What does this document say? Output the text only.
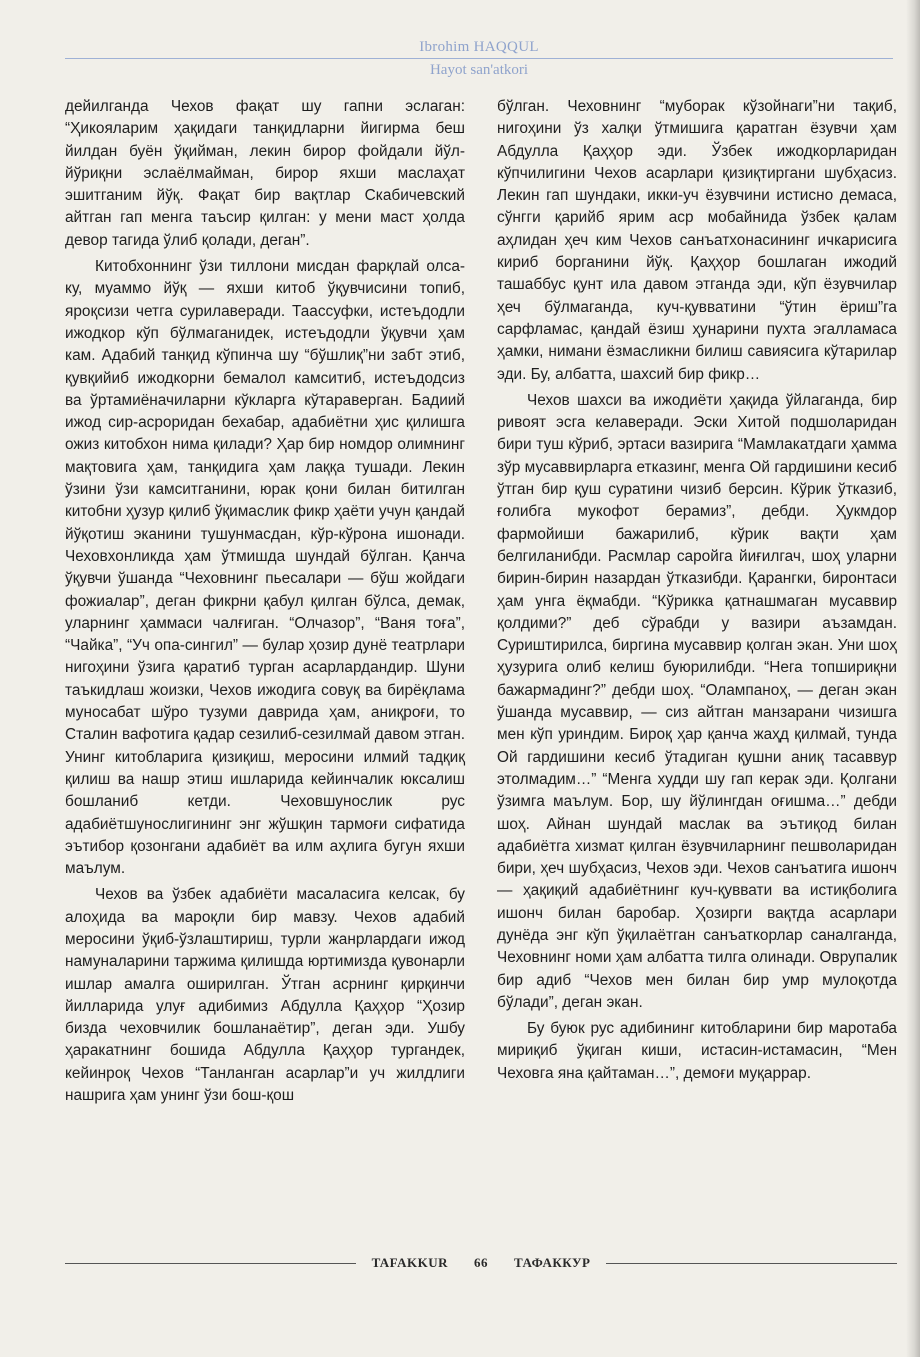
Ibrohim HAQQUL
Hayot san'atkori

дейилганда Чехов фақат шу гапни эслаган: “Ҳикояларим ҳақидаги танқидларни йигирма беш йилдан буён ўқийман, лекин бирор фойдали йўл-йўриқни эслаёлмайман, бирор яхши маслаҳат эшитганим йўқ. Фақат бир вақтлар Скабичевский айтган гап менга таъсир қилган: у мени маст ҳолда девор тагида ўлиб қолади, деган”.

Китобхоннинг ўзи тиллони мисдан фарқлай олса-ку, муаммо йўқ — яхши китоб ўқувчисини топиб, яроқсизи четга сурилаверади. Таассуфки, истеъдодли ижодкор кўп бўлмаганидек, истеъдодли ўқувчи ҳам кам. Адабий танқид кўпинча шу “бўшлиқ”ни забт этиб, қувқийиб ижодкорни бемалол камситиб, истеъдодсиз ва ўртамиёначиларни кўкларга кўтараверган. Бадиий ижод сир-асроридан бехабар, адабиётни ҳис қилишга ожиз китобхон нима қилади? Ҳар бир номдор олимнинг мақтовига ҳам, танқидига ҳам лаққа тушади. Лекин ўзини ўзи камситганини, юрак қони билан битилган китобни ҳузур қилиб ўқимаслик фикр ҳаёти учун қандай йўқотиш эканини тушунмасдан, кўр-кўрона ишонади. Чеховхонликда ҳам ўтмишда шундай бўлган. Қанча ўқувчи ўшанда “Чеховнинг пьесалари — бўш жойдаги фожиалар”, деган фикрни қабул қилган бўлса, демак, уларнинг ҳаммаси чалғиган. “Олчазор”, “Ваня тоға”, “Чайка”, “Уч опа-сингил” — булар ҳозир дунё театрлари нигоҳини ўзига қаратиб турган асарлардандир. Шуни таъкидлаш жоизки, Чехов ижодига совуқ ва бирёқлама муносабат шўро тузуми даврида ҳам, аниқроғи, то Сталин вафотига қадар сезилиб-сезилмай давом этган. Унинг китобларига қизиқиш, меросини илмий тадқиқ қилиш ва нашр этиш ишларида кейинчалик юксалиш бошланиб кетди. Чеховшунослик рус адабиётшунослигининг энг жўшқин тармоғи сифатида эътибор қозонгани адабиёт ва илм аҳлига бугун яхши маълум.

Чехов ва ўзбек адабиёти масаласига келсак, бу алоҳида ва мароқли бир мавзу. Чехов адабий меросини ўқиб-ўзлаштириш, турли жанрлардаги ижод намуналарини таржима қилишда юртимизда қувонарли ишлар амалга оширилган. Ўтган асрнинг қирқинчи йилларида улуғ адибимиз Абдулла Қаҳҳор “Ҳозир бизда чеховчилик бошланаётир”, деган эди. Ушбу ҳаракатнинг бошида Абдулла Қаҳҳор тургандек, кейинроқ Чехов “Танланган асарлар”и уч жилдлиги нашрига ҳам унинг ўзи бош-қош

бўлган. Чеховнинг “муборак кўзойнаги”ни тақиб, нигоҳини ўз халқи ўтмишига қаратган ёзувчи ҳам Абдулла Қаҳҳор эди. Ўзбек ижодкорларидан кўпчилигини Чехов асарлари қизиқтиргани шубҳасиз. Лекин гап шундаки, икки-уч ёзувчини истисно демаса, сўнгги қарийб ярим аср мобайнида ўзбек қалам аҳлидан ҳеч ким Чехов санъатхонасининг ичкарисига кириб борганини йўқ. Қаҳҳор бошлаган ижодий ташаббус қунт ила давом этганда эди, кўп ёзувчилар ҳеч бўлмаганда, куч-қувватини “ўтин ёриш”га сарфламас, қандай ёзиш ҳунарини пухта эгалламаса ҳамки, нимани ёзмасликни билиш савиясига кўтарилар эди. Бу, албатта, шахсий бир фикр…

Чехов шахси ва ижодиёти ҳақида ўйлаганда, бир ривоят эсга келаверади. Эски Хитой подшоларидан бири туш кўриб, эртаси вазирига “Мамлакатдаги ҳамма зўр мусаввирларга етказинг, менга Ой гардишини кесиб ўтган бир қуш суратини чизиб берсин. Кўрик ўтказиб, ғолибга мукофот берамиз”, дебди. Ҳукмдор фармойиши бажарилиб, кўрик вақти ҳам белгиланибди. Расмлар саройга йиғилгач, шоҳ уларни бирин-бирин назардан ўтказибди. Қарангки, биронтаси ҳам унга ёқмабди. “Кўрикка қатнашмаган мусаввир қолдими?” деб сўрабди у вазири аъзамдан. Суриштирилса, биргина мусаввир қолган экан. Уни шоҳ ҳузурига олиб келиш буюрилибди. “Нега топшириқни бажармадинг?” дебди шоҳ. “Олампаноҳ, — деган экан ўшанда мусаввир, — сиз айтган манзарани чизишга мен кўп уриндим. Бироқ ҳар қанча жаҳд қилмай, тунда Ой гардишини кесиб ўтадиган қушни аниқ тасаввур этолмадим…” “Менга худди шу гап керак эди. Қолгани ўзимга маълум. Бор, шу йўлингдан оғишма…” дебди шоҳ. Айнан шундай маслак ва эътиқод билан адабиётга хизмат қилган ёзувчиларнинг пешволаридан бири, ҳеч шубҳасиз, Чехов эди. Чехов санъатига ишонч — ҳақиқий адабиётнинг куч-қуввати ва истиқболига ишонч билан баробар. Ҳозирги вақтда асарлари дунёда энг кўп ўқилаётган санъаткорлар саналганда, Чеховнинг номи ҳам албатта тилга олинади. Оврупалик бир адиб “Чехов мен билан бир умр мулоқотда бўлади”, деган экан.

Бу буюк рус адибининг китобларини бир маротаба мириқиб ўқиган киши, истасин-истамасин, “Мен Чеховга яна қайтаман…”, демоғи муқаррар.

TAFAKKUR 66 ТАФАККУР
